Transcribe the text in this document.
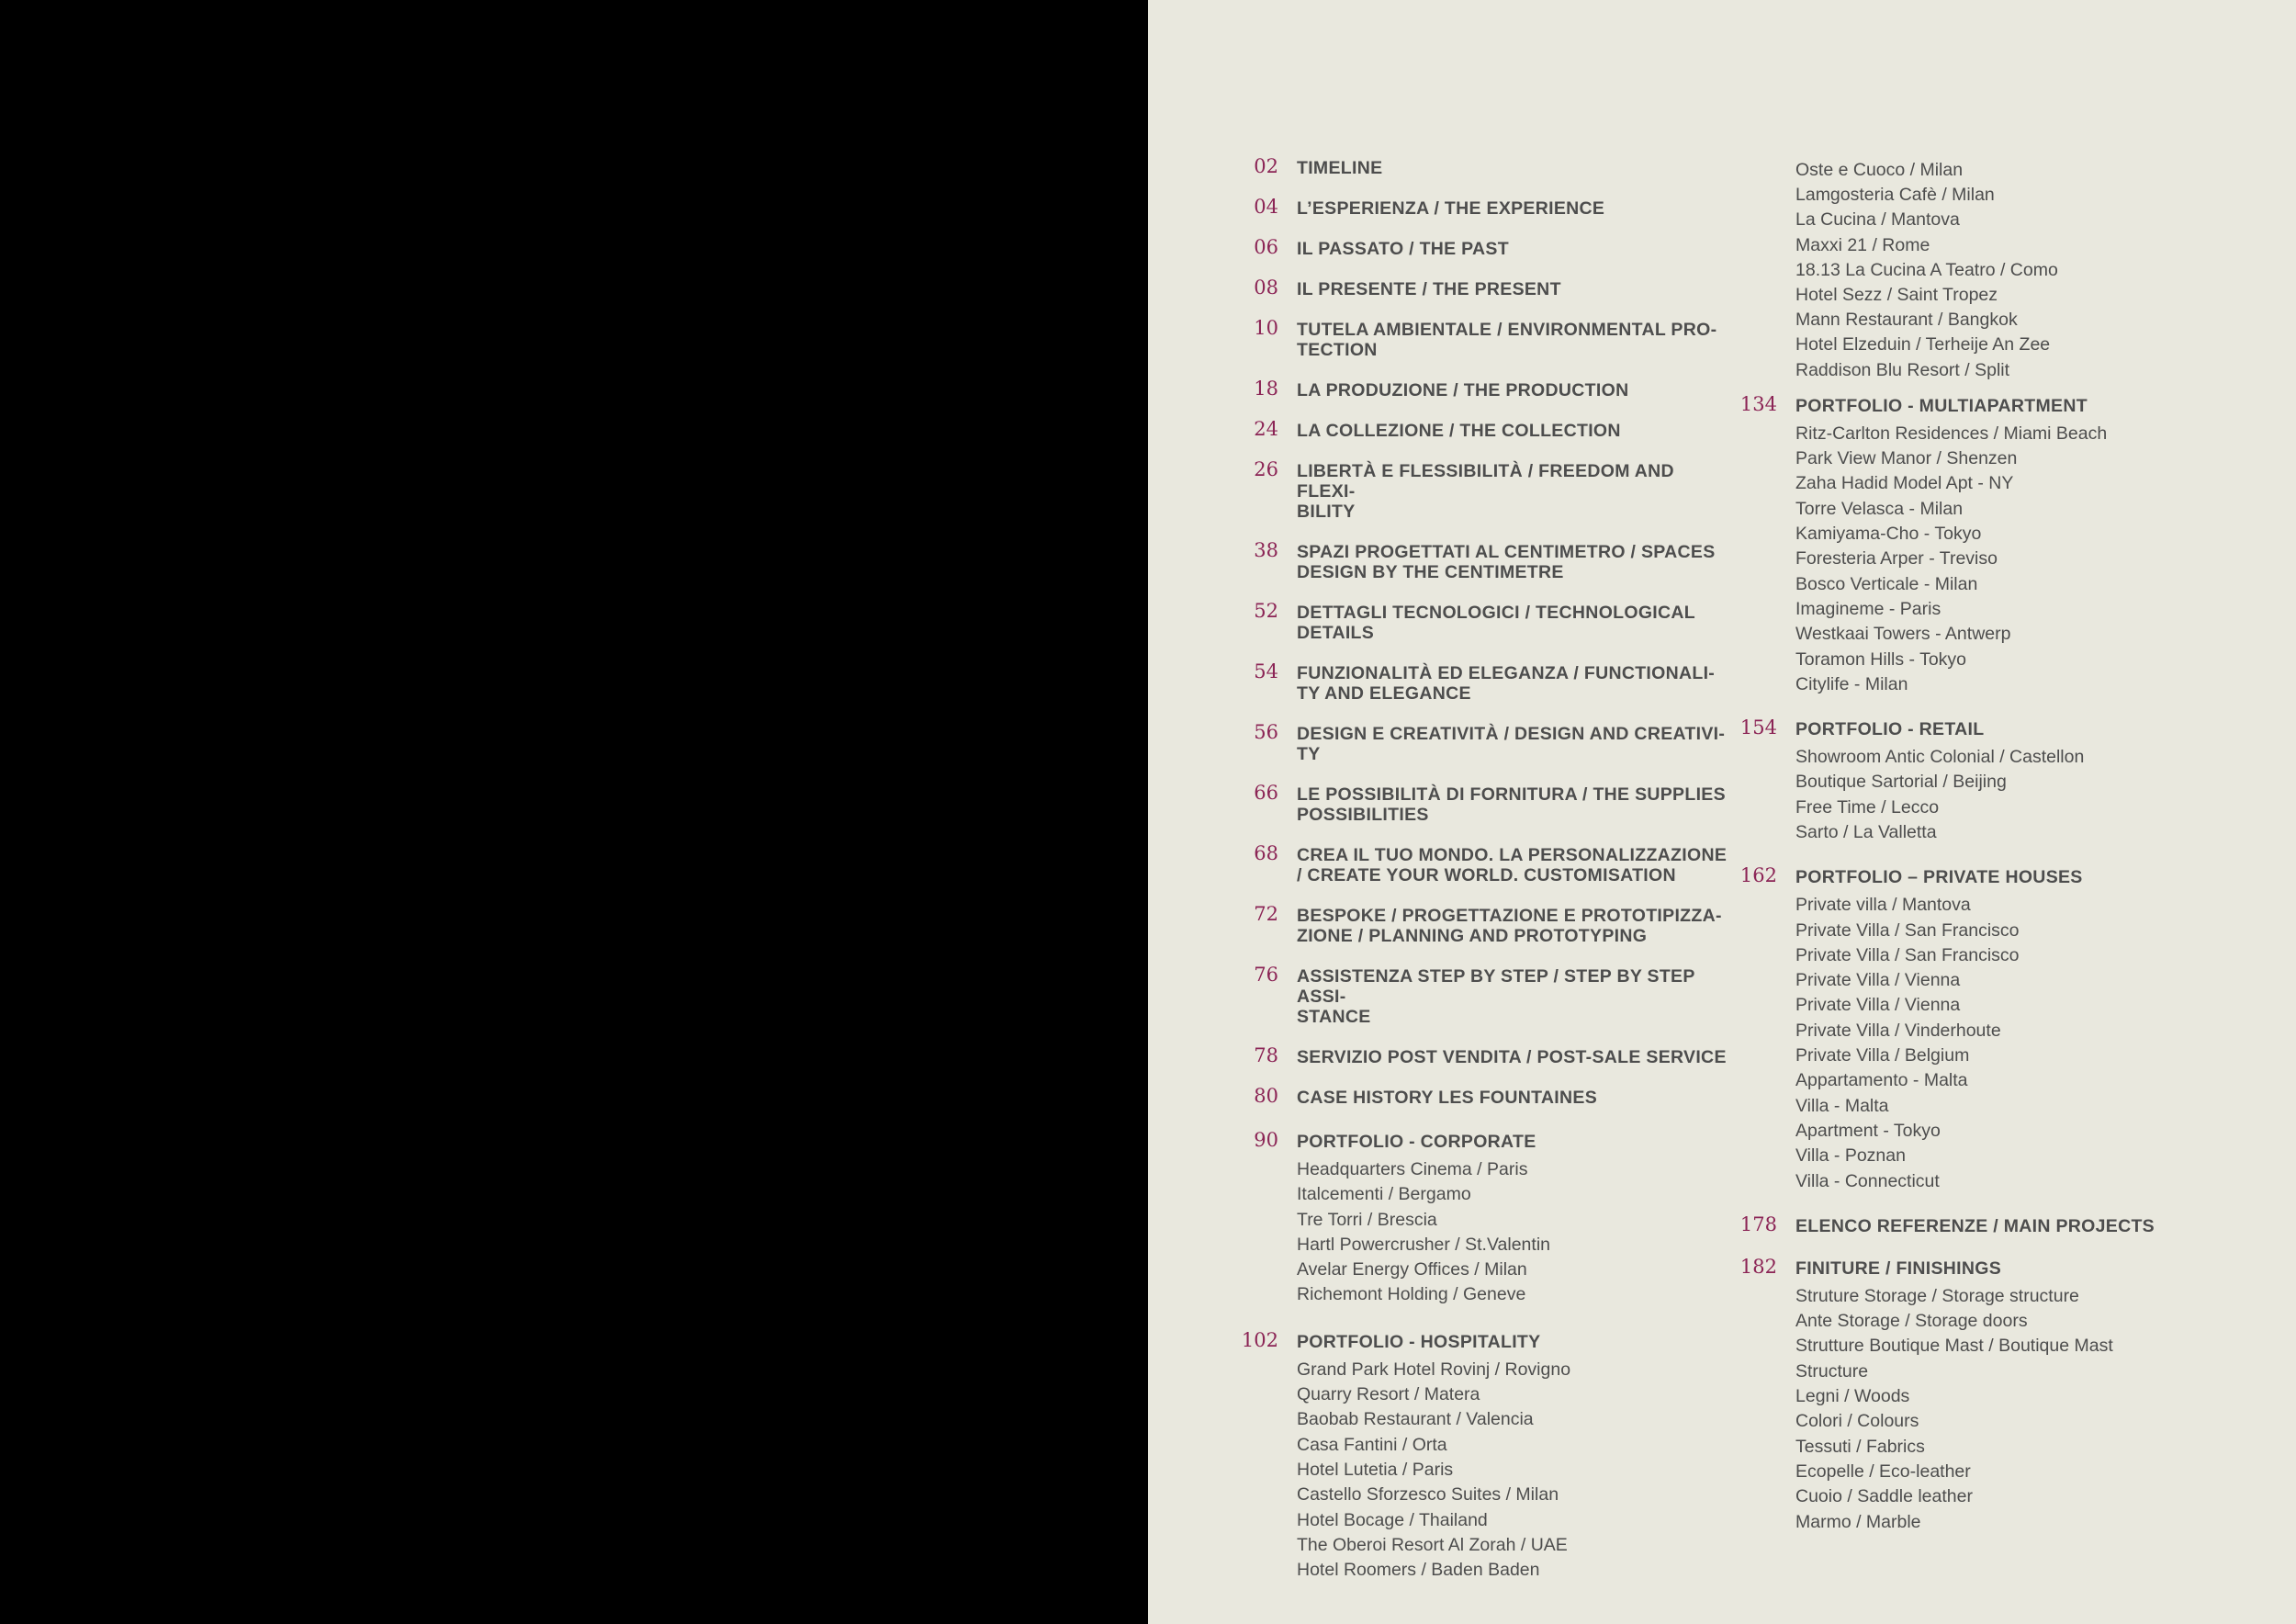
02 TIMELINE
04 L’ESPERIENZA / THE EXPERIENCE
06 IL PASSATO / THE PAST
08 IL PRESENTE / THE PRESENT
10 TUTELA AMBIENTALE / ENVIRONMENTAL PRO-
TECTION
18 LA PRODUZIONE / THE PRODUCTION
24 LA COLLEZIONE / THE COLLECTION
26 LIBERTÀ E FLESSIBILITÀ / FREEDOM AND FLEXI-
BILITY
38 SPAZI PROGETTATI AL CENTIMETRO / SPACES
DESIGN BY THE CENTIMETRE
52 DETTAGLI TECNOLOGICI / TECHNOLOGICAL
DETAILS
54 FUNZIONALITÀ ED ELEGANZA / FUNCTIONALI-
TY AND ELEGANCE
56 DESIGN E CREATIVITÀ / DESIGN AND CREATIVI-
TY
66 LE POSSIBILITÀ DI FORNITURA / THE SUPPLIES
POSSIBILITIES
68 CREA IL TUO MONDO. LA PERSONALIZZAZIONE
/ CREATE YOUR WORLD. CUSTOMISATION
72 BESPOKE / PROGETTAZIONE E PROTOTIPIZZA-
ZIONE / PLANNING AND PROTOTYPING
76 ASSISTENZA STEP BY STEP / STEP BY STEP ASSI-
STANCE
78 SERVIZIO POST VENDITA / POST-SALE SERVICE
80 CASE HISTORY LES FOUNTAINES
90 PORTFOLIO - CORPORATE
Headquarters Cinema / Paris
Italcementi / Bergamo
Tre Torri / Brescia
Hartl Powercrusher / St.Valentin
Avelar Energy Offices / Milan
Richemont Holding / Geneve
102 PORTFOLIO - HOSPITALITY
Grand Park Hotel Rovinj / Rovigno
Quarry Resort / Matera
Baobab Restaurant / Valencia
Casa Fantini / Orta
Hotel Lutetia / Paris
Castello Sforzesco Suites / Milan
Hotel Bocage / Thailand
The Oberoi Resort Al Zorah / UAE
Hotel Roomers / Baden Baden
Oste e Cuoco / Milan
Lamgosteria Cafè / Milan
La Cucina / Mantova
Maxxi 21 / Rome
18.13 La Cucina A Teatro / Como
Hotel Sezz / Saint Tropez
Mann Restaurant / Bangkok
Hotel Elzeduin / Terheije An Zee
Raddison Blu Resort / Split
134 PORTFOLIO - MULTIAPARTMENT
Ritz-Carlton Residences / Miami Beach
Park View Manor / Shenzen
Zaha Hadid Model Apt - NY
Torre Velasca - Milan
Kamiyama-Cho - Tokyo
Foresteria Arper - Treviso
Bosco Verticale - Milan
Imagineme - Paris
Westkaai Towers - Antwerp
Toramon Hills - Tokyo
Citylife - Milan
154 PORTFOLIO - RETAIL
Showroom Antic Colonial / Castellon
Boutique Sartorial / Beijing
Free Time / Lecco
Sarto / La Valletta
162 PORTFOLIO – PRIVATE HOUSES
Private villa / Mantova
Private Villa / San Francisco
Private Villa / San Francisco
Private Villa / Vienna
Private Villa / Vienna
Private Villa / Vinderhoute
Private Villa / Belgium
Appartamento - Malta
Villa - Malta
Apartment - Tokyo
Villa - Poznan
Villa - Connecticut
178 ELENCO REFERENZE / MAIN PROJECTS
182 FINITURE / FINISHINGS
Struture Storage / Storage structure
Ante Storage / Storage doors
Strutture Boutique Mast / Boutique Mast
Structure
Legni / Woods
Colori / Colours
Tessuti / Fabrics
Ecopelle / Eco-leather
Cuoio / Saddle leather
Marmo / Marble
